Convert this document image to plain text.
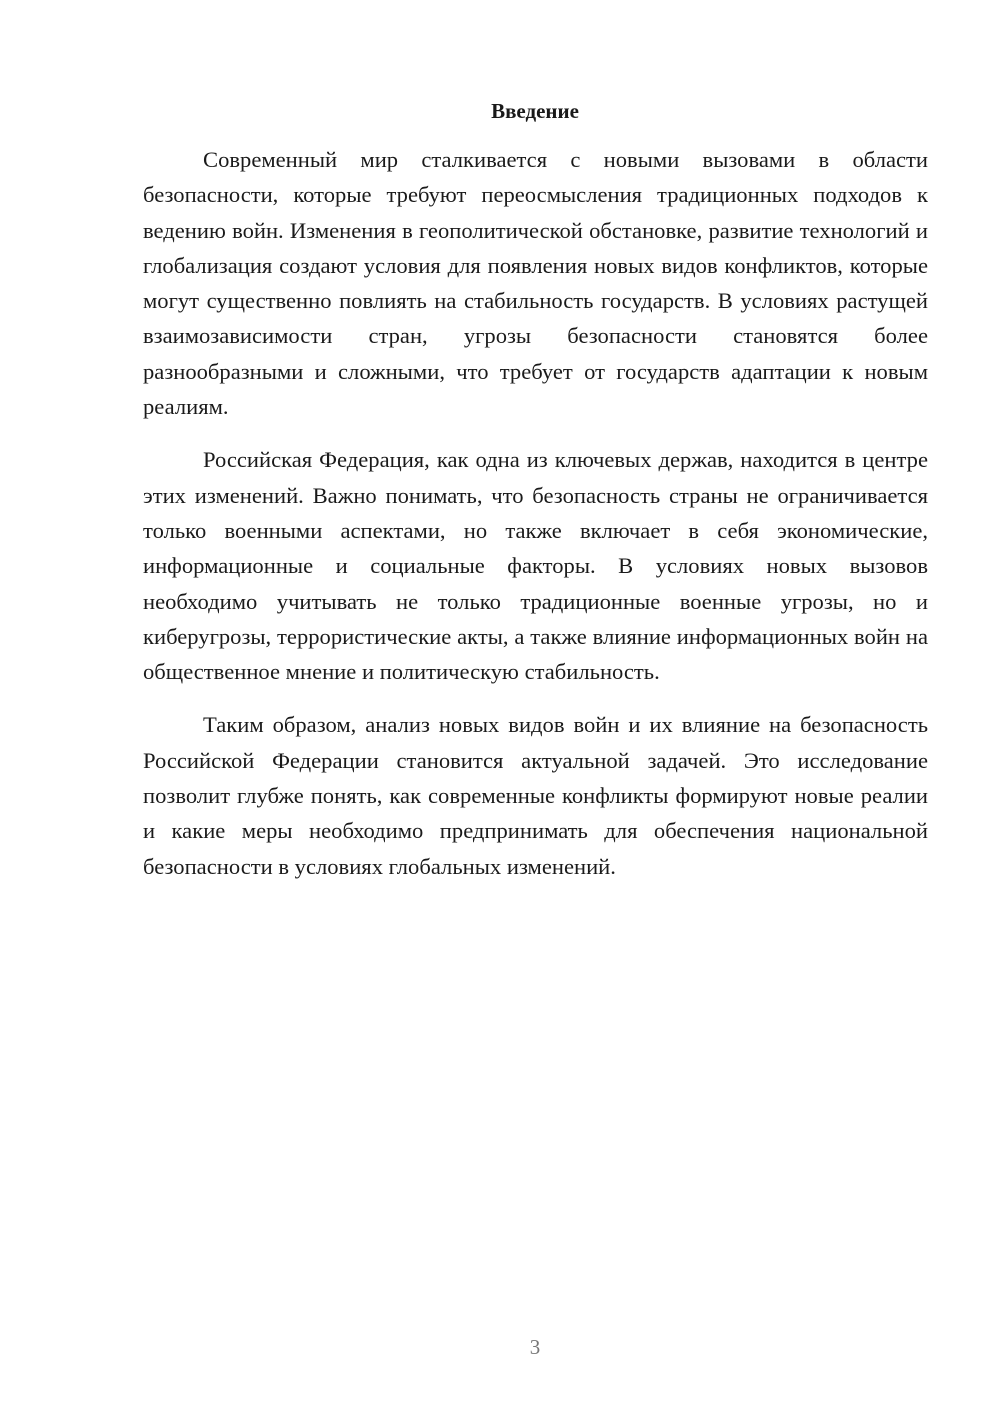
Введение

Современный мир сталкивается с новыми вызовами в области безопасности, которые требуют переосмысления традиционных подходов к ведению войн. Изменения в геополитической обстановке, развитие технологий и глобализация создают условия для появления новых видов конфликтов, которые могут существенно повлиять на стабильность государств. В условиях растущей взаимозависимости стран, угрозы безопасности становятся более разнообразными и сложными, что требует от государств адаптации к новым реалиям.

Российская Федерация, как одна из ключевых держав, находится в центре этих изменений. Важно понимать, что безопасность страны не ограничивается только военными аспектами, но также включает в себя экономические, информационные и социальные факторы. В условиях новых вызовов необходимо учитывать не только традиционные военные угрозы, но и киберугрозы, террористические акты, а также влияние информационных войн на общественное мнение и политическую стабильность.

Таким образом, анализ новых видов войн и их влияние на безопасность Российской Федерации становится актуальной задачей. Это исследование позволит глубже понять, как современные конфликты формируют новые реалии и какие меры необходимо предпринимать для обеспечения национальной безопасности в условиях глобальных изменений.

3
